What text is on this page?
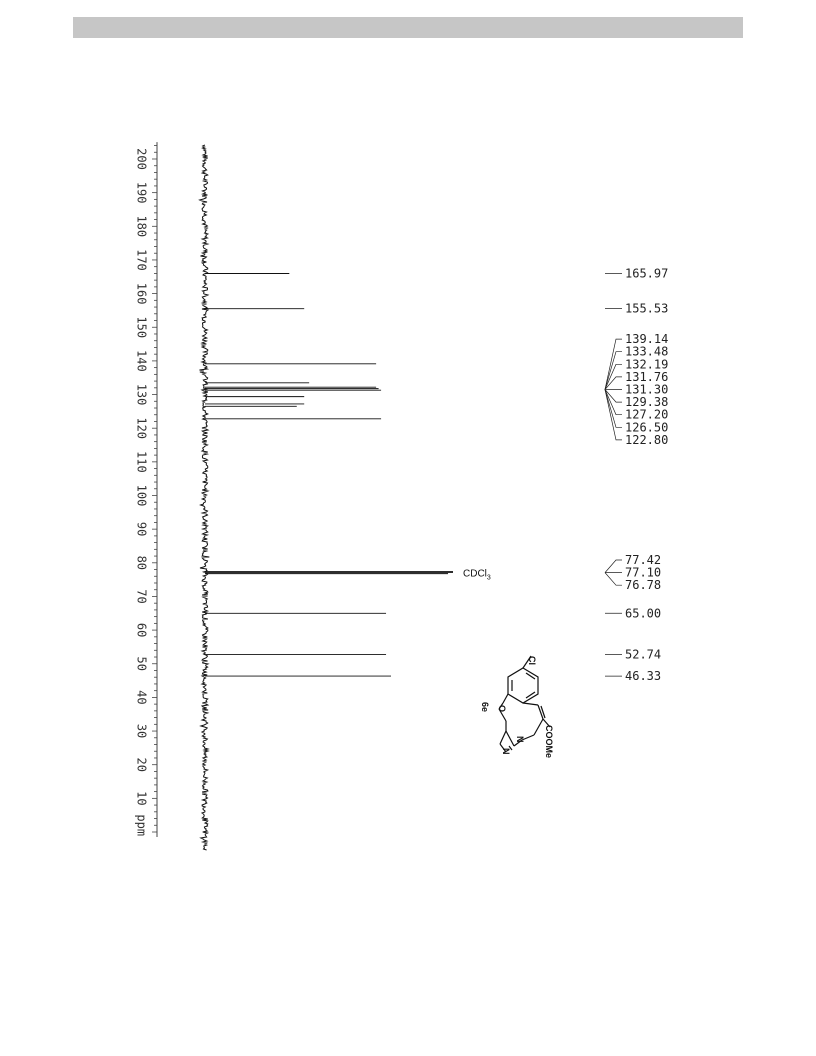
200
190
180
170
160
150
140
130
120
110
100
90
80
70
60
50
40
30
20
10
ppm
165.97
155.53
139.14
133.48
132.19
131.76
131.30
129.38
127.20
126.50
122.80
77.42
77.10
76.78
65.00
52.74
46.33
CDCl$_3$
Cl
O
N
N	COOMe
6e
